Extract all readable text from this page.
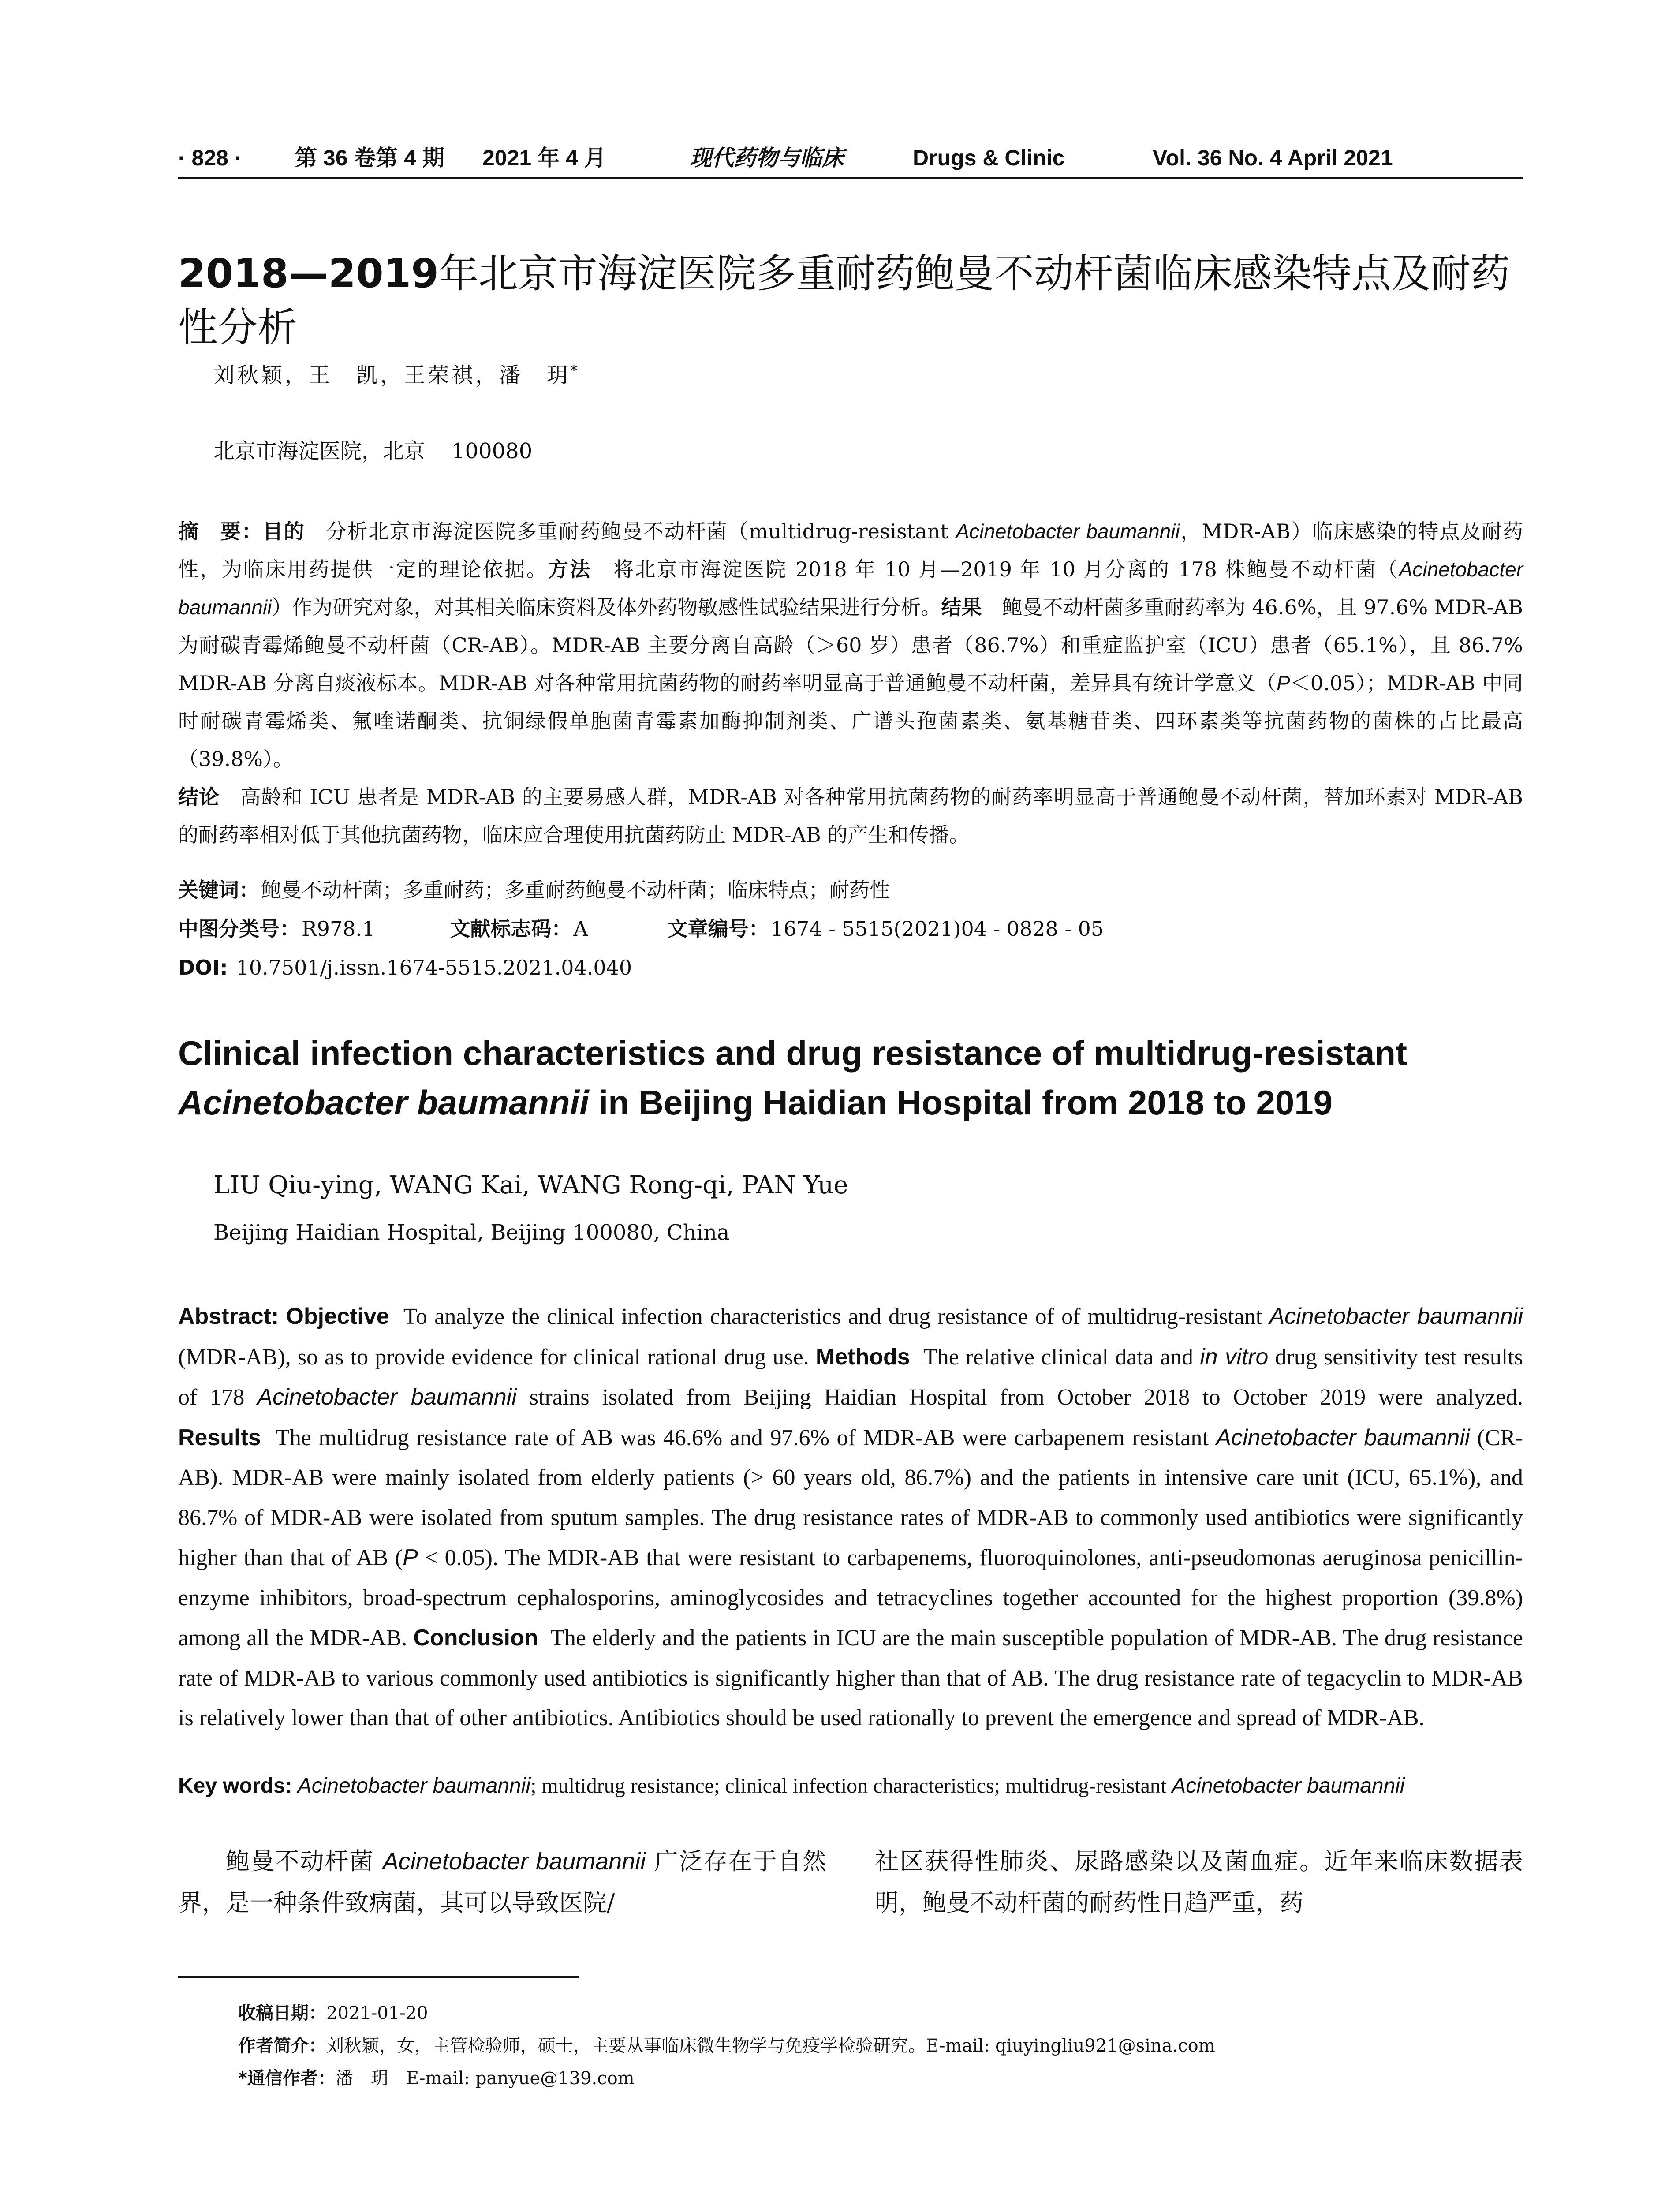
· 828 · 第 36 卷第 4 期 2021 年 4 月	现代药物与临床	Drugs & Clinic	Vol. 36 No. 4 April 2021
2018—2019年北京市海淀医院多重耐药鲍曼不动杆菌临床感染特点及耐药性分析
刘秋颖，王　凯，王荣祺，潘　玥*
北京市海淀医院，北京 100080

摘　要：目的　 分析北京市海淀医院多重耐药鲍曼不动杆菌（multidrug-resistant Acinetobacter baumannii，MDR-AB）临床感染的特点及耐药性，为临床用药提供一定的理论依据。方法　 将北京市海淀医院 2018 年 10 月—2019 年 10 月分离的 178 株鲍曼不动杆菌（Acinetobacter baumannii）作为研究对象，对其相关临床资料及体外药物敏感性试验结果进行分析。结果　 鲍曼不动杆菌多重耐药率为 46.6%，且 97.6% MDR-AB 为耐碳青霉烯鲍曼不动杆菌（CR-AB）。MDR-AB 主要分离自高龄（＞60 岁）患者（86.7%）和重症监护室（ICU）患者（65.1%），且 86.7% MDR-AB 分离自痰液标本。MDR-AB 对各种常用抗菌药物的耐药率明显高于普通鲍曼不动杆菌，差异具有统计学意义（P＜0.05）；MDR-AB 中同时耐碳青霉烯类、氟喹诺酮类、抗铜绿假单胞菌青霉素加酶抑制剂类、广谱头孢菌素类、氨基糖苷类、四环素类等抗菌药物的菌株的占比最高（39.8%）。
结论　 高龄和 ICU 患者是 MDR-AB 的主要易感人群，MDR-AB 对各种常用抗菌药物的耐药率明显高于普通鲍曼不动杆菌，替加环素对 MDR-AB 的耐药率相对低于其他抗菌药物，临床应合理使用抗菌药防止 MDR-AB 的产生和传播。

关键词：鲍曼不动杆菌；多重耐药；多重耐药鲍曼不动杆菌；临床特点；耐药性
中图分类号：R978.1	文献标志码：A	文章编号：1674 - 5515(2021)04 - 0828 - 05
DOI: 10.7501/j.issn.1674-5515.2021.04.040
Clinical infection characteristics and drug resistance of multidrug-resistant
Acinetobacter baumannii in Beijing Haidian Hospital from 2018 to 2019
LIU Qiu-ying, WANG Kai, WANG Rong-qi, PAN Yue
Beijing Haidian Hospital, Beijing 100080, China

Abstract: Objective To analyze the clinical infection characteristics and drug resistance of of multidrug-resistant Acinetobacter baumannii (MDR-AB), so as to provide evidence for clinical rational drug use. Methods The relative clinical data and in vitro drug sensitivity test results of 178 Acinetobacter baumannii strains isolated from Beijing Haidian Hospital from October 2018 to October 2019 were analyzed. Results The multidrug resistance rate of AB was 46.6% and 97.6% of MDR-AB were carbapenem resistant Acinetobacter baumannii (CR-AB). MDR-AB were mainly isolated from elderly patients (> 60 years old, 86.7%) and the patients in intensive care unit (ICU, 65.1%), and 86.7% of MDR-AB were isolated from sputum samples. The drug resistance rates of MDR-AB to commonly used antibiotics were significantly higher than that of AB (P < 0.05). The MDR-AB that were resistant to carbapenems, fluoroquinolones, anti-pseudomonas aeruginosa penicillin-enzyme inhibitors, broad-spectrum cephalosporins, aminoglycosides and tetracyclines together accounted for the highest proportion (39.8%) among all the MDR-AB. Conclusion The elderly and the patients in ICU are the main susceptible population of MDR-AB. The drug resistance rate of MDR-AB to various commonly used antibiotics is significantly higher than that of AB. The drug resistance rate of tegacyclin to MDR-AB is relatively lower than that of other antibiotics. Antibiotics should be used rationally to prevent the emergence and spread of MDR-AB.

Key words: Acinetobacter baumannii; multidrug resistance; clinical infection characteristics; multidrug-resistant Acinetobacter baumannii

鲍曼不动杆菌 Acinetobacter baumannii 广泛存在于自然界，是一种条件致病菌，其可以导致医院/

社区获得性肺炎、尿路感染以及菌血症。近年来临床数据表明，鲍曼不动杆菌的耐药性日趋严重，药

收稿日期：2021-01-20
作者简介：刘秋颖，女，主管检验师，硕士，主要从事临床微生物学与免疫学检验研究。E-mail: qiuyingliu921@sina.com
*通信作者：潘　玥　E-mail: panyue@139.com
